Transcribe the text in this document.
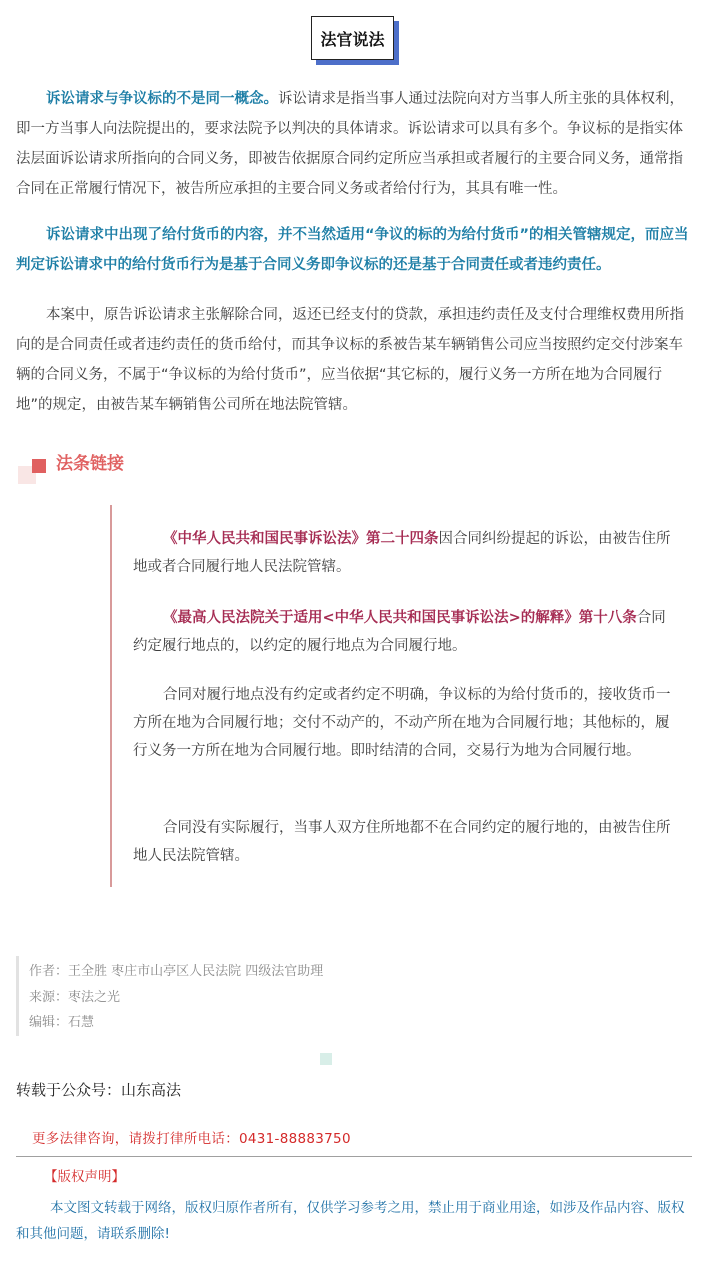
法官说法

诉讼请求与争议标的不是同一概念。诉讼请求是指当事人通过法院向对方当事人所主张的具体权利，即一方当事人向法院提出的，要求法院予以判决的具体请求。诉讼请求可以具有多个。争议标的是指实体法层面诉讼请求所指向的合同义务，即被告依据原合同约定所应当承担或者履行的主要合同义务，通常指合同在正常履行情况下，被告所应承担的主要合同义务或者给付行为，其具有唯一性。

诉讼请求中出现了给付货币的内容，并不当然适用“争议的标的为给付货币”的相关管辖规定，而应当判定诉讼请求中的给付货币行为是基于合同义务即争议标的还是基于合同责任或者违约责任。

本案中，原告诉讼请求主张解除合同，返还已经支付的贷款，承担违约责任及支付合理维权费用所指向的是合同责任或者违约责任的货币给付，而其争议标的系被告某车辆销售公司应当按照约定交付涉案车辆的合同义务，不属于“争议标的为给付货币”，应当依据“其它标的，履行义务一方所在地为合同履行地”的规定，由被告某车辆销售公司所在地法院管辖。

法条链接

《中华人民共和国民事诉讼法》第二十四条因合同纠纷提起的诉讼，由被告住所地或者合同履行地人民法院管辖。

《最高人民法院关于适用<中华人民共和国民事诉讼法>的解释》第十八条合同约定履行地点的，以约定的履行地点为合同履行地。

合同对履行地点没有约定或者约定不明确，争议标的为给付货币的，接收货币一方所在地为合同履行地；交付不动产的，不动产所在地为合同履行地；其他标的，履行义务一方所在地为合同履行地。即时结清的合同，交易行为地为合同履行地。

合同没有实际履行，当事人双方住所地都不在合同约定的履行地的，由被告住所地人民法院管辖。

作者：王全胜 枣庄市山亭区人民法院 四级法官助理
来源：枣法之光
编辑：石慧
转载于公众号：山东高法
更多法律咨询，请拨打律所电话：0431-88883750
【版权声明】

本文图文转载于网络，版权归原作者所有，仅供学习参考之用，禁止用于商业用途，如涉及作品内容、版权和其他问题，请联系删除!
